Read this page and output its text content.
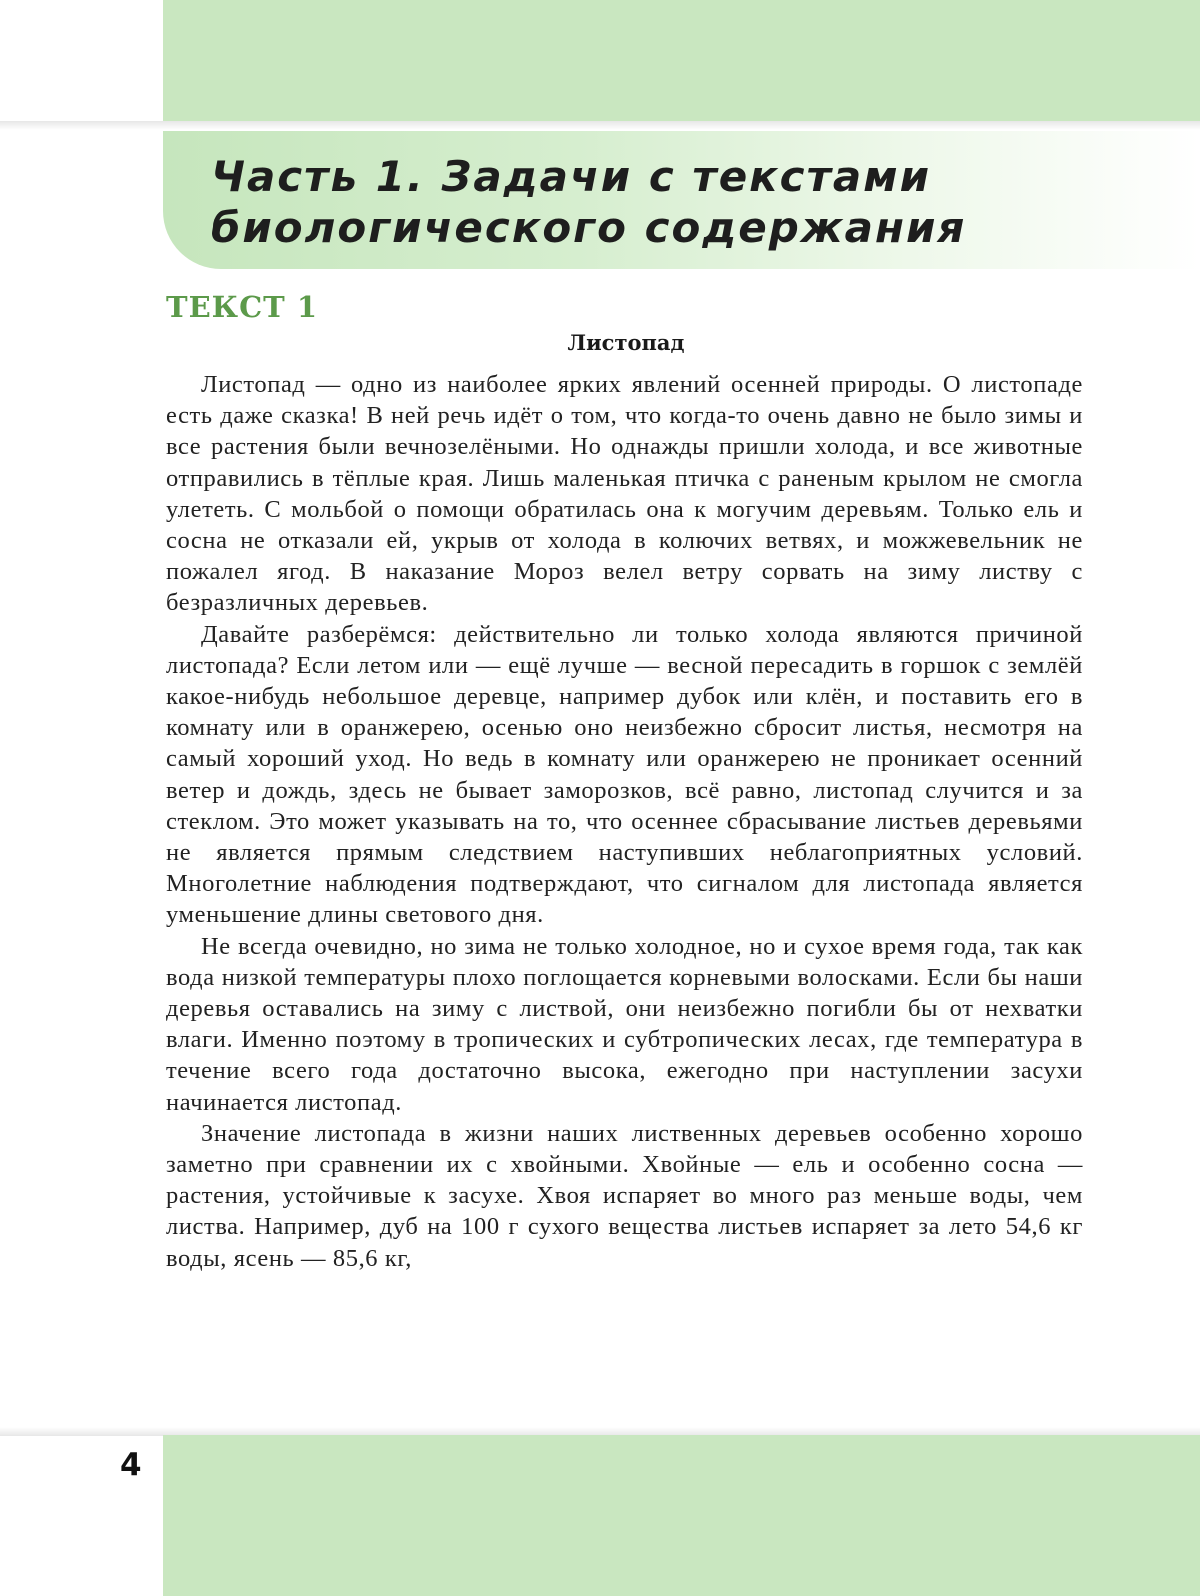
Часть 1. Задачи с текстами
биологического содержания
ТЕКСТ 1
Листопад

Листопад — одно из наиболее ярких явлений осенней природы. О листопаде есть даже сказка! В ней речь идёт о том, что когда-то очень давно не было зимы и все растения были вечнозелёными. Но однажды пришли холода, и все животные отправились в тёплые края. Лишь маленькая птичка с раненым крылом не смогла улететь. С мольбой о помощи обратилась она к могучим деревьям. Только ель и сосна не отказали ей, укрыв от холода в колючих ветвях, и можжевельник не пожалел ягод. В наказание Мороз велел ветру сорвать на зиму листву с безразличных деревьев.

Давайте разберёмся: действительно ли только холода являются причиной листопада? Если летом или — ещё лучше — весной пересадить в горшок с землёй какое-нибудь небольшое деревце, например дубок или клён, и поставить его в комнату или в оранжерею, осенью оно неизбежно сбросит листья, несмотря на самый хороший уход. Но ведь в комнату или оранжерею не проникает осенний ветер и дождь, здесь не бывает заморозков, всё равно, листопад случится и за стеклом. Это может указывать на то, что осеннее сбрасывание листьев деревьями не является прямым следствием наступивших неблагоприятных условий. Многолетние наблюдения подтверждают, что сигналом для листопада является уменьшение длины светового дня.

Не всегда очевидно, но зима не только холодное, но и сухое время года, так как вода низкой температуры плохо поглощается корневыми волосками. Если бы наши деревья оставались на зиму с листвой, они неизбежно погибли бы от нехватки влаги. Именно поэтому в тропических и субтропических лесах, где температура в течение всего года достаточно высока, ежегодно при наступлении засухи начинается листопад.

Значение листопада в жизни наших лиственных деревьев особенно хорошо заметно при сравнении их с хвойными. Хвойные — ель и особенно сосна — растения, устойчивые к засухе. Хвоя испаряет во много раз меньше воды, чем листва. Например, дуб на 100 г сухого вещества листьев испаряет за лето 54,6 кг воды, ясень — 85,6 кг,

4
